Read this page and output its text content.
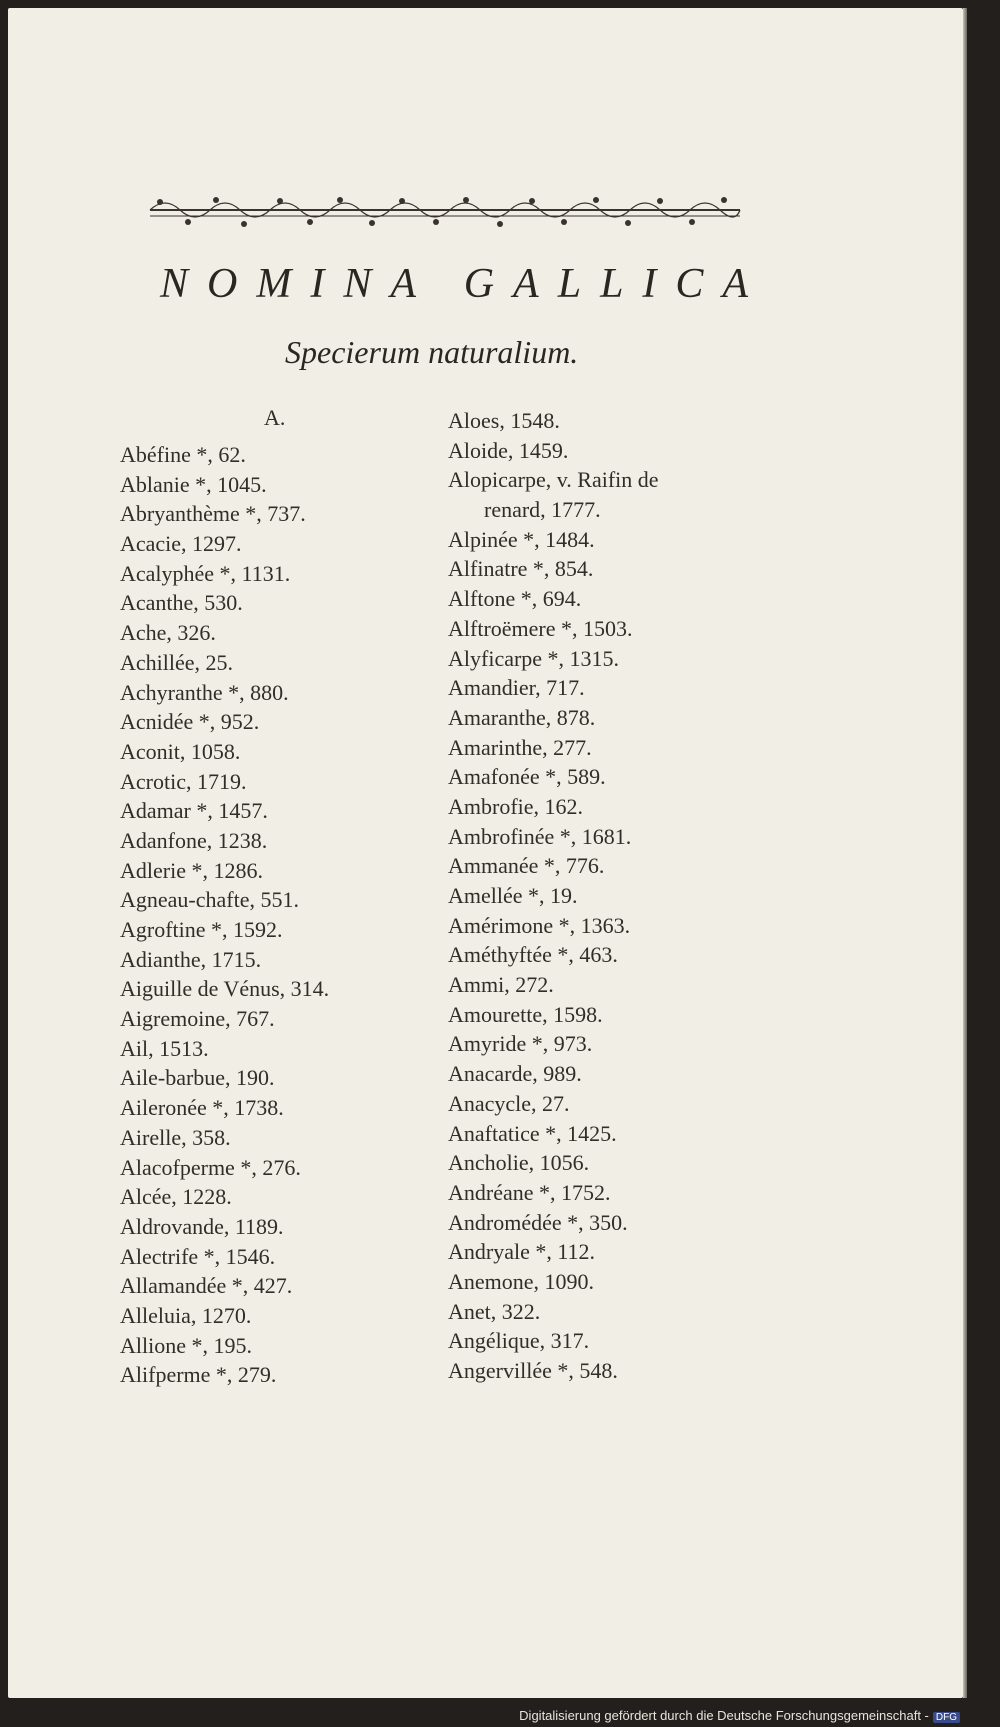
NOMINA GALLICA
Specierum naturalium.
A.
Abéfine *, 62.
Ablanie *, 1045.
Abryanthème *, 737.
Acacie, 1297.
Acalyphée *, 1131.
Acanthe, 530.
Ache, 326.
Achillée, 25.
Achyranthe *, 880.
Acnidée *, 952.
Aconit, 1058.
Acrotic, 1719.
Adamar *, 1457.
Adanfone, 1238.
Adlerie *, 1286.
Agneau-chafte, 551.
Agroftine *, 1592.
Adianthe, 1715.
Aiguille de Vénus, 314.
Aigremoine, 767.
Ail, 1513.
Aile-barbue, 190.
Aileronée *, 1738.
Airelle, 358.
Alacofperme *, 276.
Alcée, 1228.
Aldrovande, 1189.
Alectrife *, 1546.
Allamandée *, 427.
Alleluia, 1270.
Allione *, 195.
Alifperme *, 279.
Aloes, 1548.
Aloide, 1459.
Alopicarpe, v. Raifin de
renard, 1777.
Alpinée *, 1484.
Alfinatre *, 854.
Alftone *, 694.
Alftroëmere *, 1503.
Alyficarpe *, 1315.
Amandier, 717.
Amaranthe, 878.
Amarinthe, 277.
Amafonée *, 589.
Ambrofie, 162.
Ambrofinée *, 1681.
Ammanée *, 776.
Amellée *, 19.
Amérimone *, 1363.
Améthyftée *, 463.
Ammi, 272.
Amourette, 1598.
Amyride *, 973.
Anacarde, 989.
Anacycle, 27.
Anaftatice *, 1425.
Ancholie, 1056.
Andréane *, 1752.
Andromédée *, 350.
Andryale *, 112.
Anemone, 1090.
Anet, 322.
Angélique, 317.
Angervillée *, 548.
Digitalisierung gefördert durch die Deutsche Forschungsgemeinschaft - DFG
